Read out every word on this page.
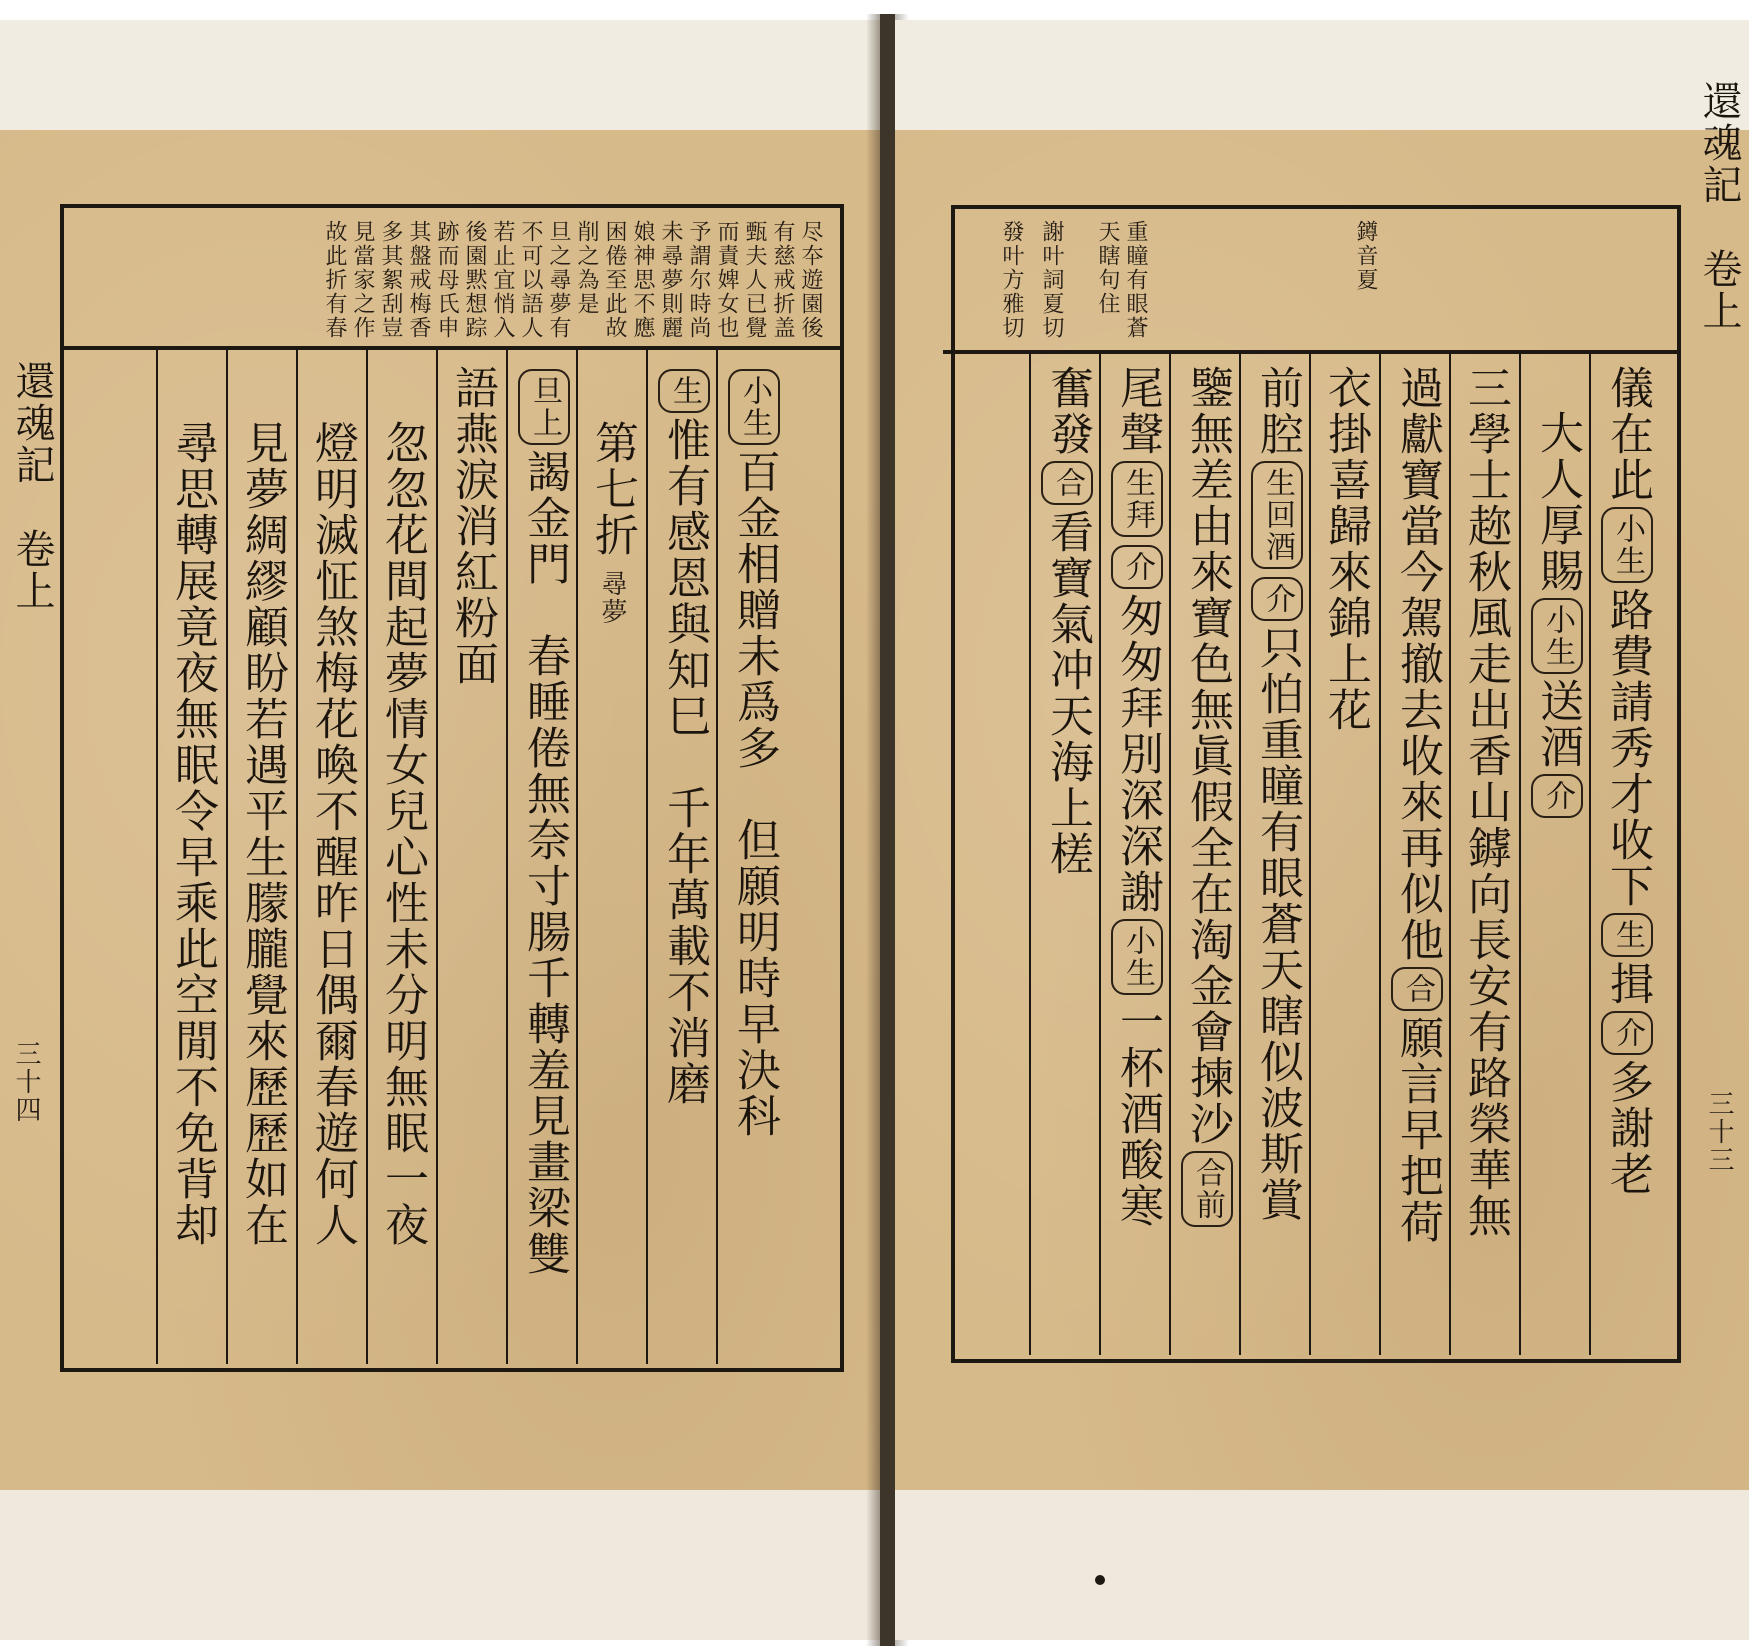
尽夲遊園後
有慈戒折盖
甄夫人已覺
而責婢女也
予謂尔時尚
未尋夢則麗
娘神思不應
困倦至此故
削之為是
旦之尋夢有
不可以語人
若止宜悄入
後園黙想踪
跡而母氏申
其盤戒梅香
多其絮刮豈
見當家之作
故此折有春
小生百金相贈未爲多　但願明時早決科
生惟有感恩與知巳　千年萬載不消磨
第七折尋夢
旦上謁金門　春睡倦無奈寸腸千轉羞見畫梁雙
語燕淚消紅粉面
忽忽花間起夢情女兒心性未分明無眠一夜
燈明滅怔煞梅花喚不醒昨日偶爾春遊何人
見夢綢繆顧盼若遇平生朦朧覺來歷歷如在
尋思轉展竟夜無眠令早乘此空閒不免背却
還魂記　卷上
三十四
鐏音夏
重瞳有眼蒼
天瞎句住
謝叶詞夏切
發叶方雅切
儀在此小生路費請秀才收下生揖介多謝老
大人厚賜小生送酒介
三學士趂秋風走出香山鏬向長安有路榮華無
過獻寶當今駕撤去收來再似他合願言早把荷
衣掛喜歸來錦上花
前腔生回酒介只怕重瞳有眼蒼天瞎似波斯賞
鑒無差由來寶色無眞假全在淘金會揀沙合前
尾聲生拜介匆匆拜別深深謝小生一杯酒酸寒
奮發合看寶氣冲天海上槎
還魂記　卷上
三十三
